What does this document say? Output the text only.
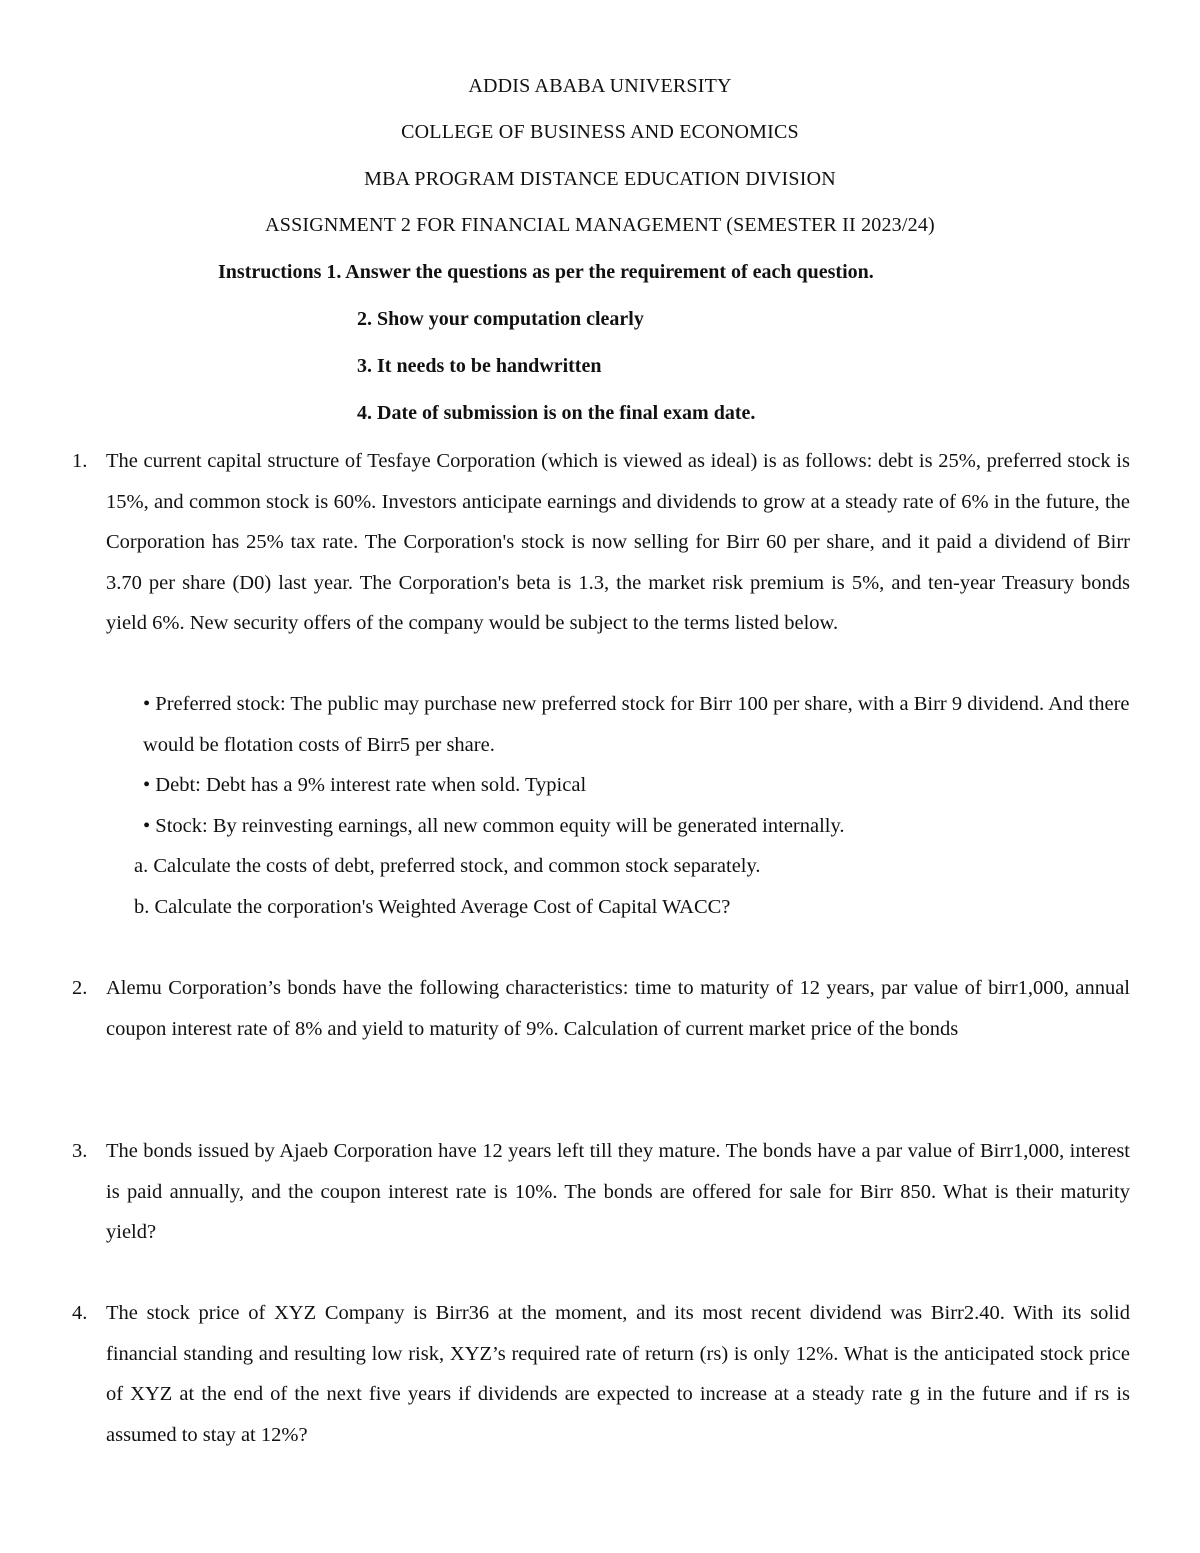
ADDIS ABABA UNIVERSITY
COLLEGE OF BUSINESS AND ECONOMICS
MBA PROGRAM DISTANCE EDUCATION DIVISION
ASSIGNMENT 2 FOR FINANCIAL MANAGEMENT (SEMESTER II 2023/24)
Instructions 1. Answer the questions as per the requirement of each question.
2. Show your computation clearly
3. It needs to be handwritten
4. Date of submission is on the final exam date.
1. The current capital structure of Tesfaye Corporation (which is viewed as ideal) is as follows: debt is 25%, preferred stock is 15%, and common stock is 60%. Investors anticipate earnings and dividends to grow at a steady rate of 6% in the future, the Corporation has 25% tax rate. The Corporation's stock is now selling for Birr 60 per share, and it paid a dividend of Birr 3.70 per share (D0) last year. The Corporation's beta is 1.3, the market risk premium is 5%, and ten-year Treasury bonds yield 6%. New security offers of the company would be subject to the terms listed below.
• Preferred stock: The public may purchase new preferred stock for Birr 100 per share, with a Birr 9 dividend. And there would be flotation costs of Birr5 per share.
• Debt: Debt has a 9% interest rate when sold. Typical
• Stock: By reinvesting earnings, all new common equity will be generated internally.
a. Calculate the costs of debt, preferred stock, and common stock separately.
b. Calculate the corporation's Weighted Average Cost of Capital WACC?
2. Alemu Corporation’s bonds have the following characteristics: time to maturity of 12 years, par value of birr1,000, annual coupon interest rate of 8% and yield to maturity of 9%. Calculation of current market price of the bonds
3. The bonds issued by Ajaeb Corporation have 12 years left till they mature. The bonds have a par value of Birr1,000, interest is paid annually, and the coupon interest rate is 10%. The bonds are offered for sale for Birr 850. What is their maturity yield?
4. The stock price of XYZ Company is Birr36 at the moment, and its most recent dividend was Birr2.40. With its solid financial standing and resulting low risk, XYZ’s required rate of return (rs) is only 12%. What is the anticipated stock price of XYZ at the end of the next five years if dividends are expected to increase at a steady rate g in the future and if rs is assumed to stay at 12%?
